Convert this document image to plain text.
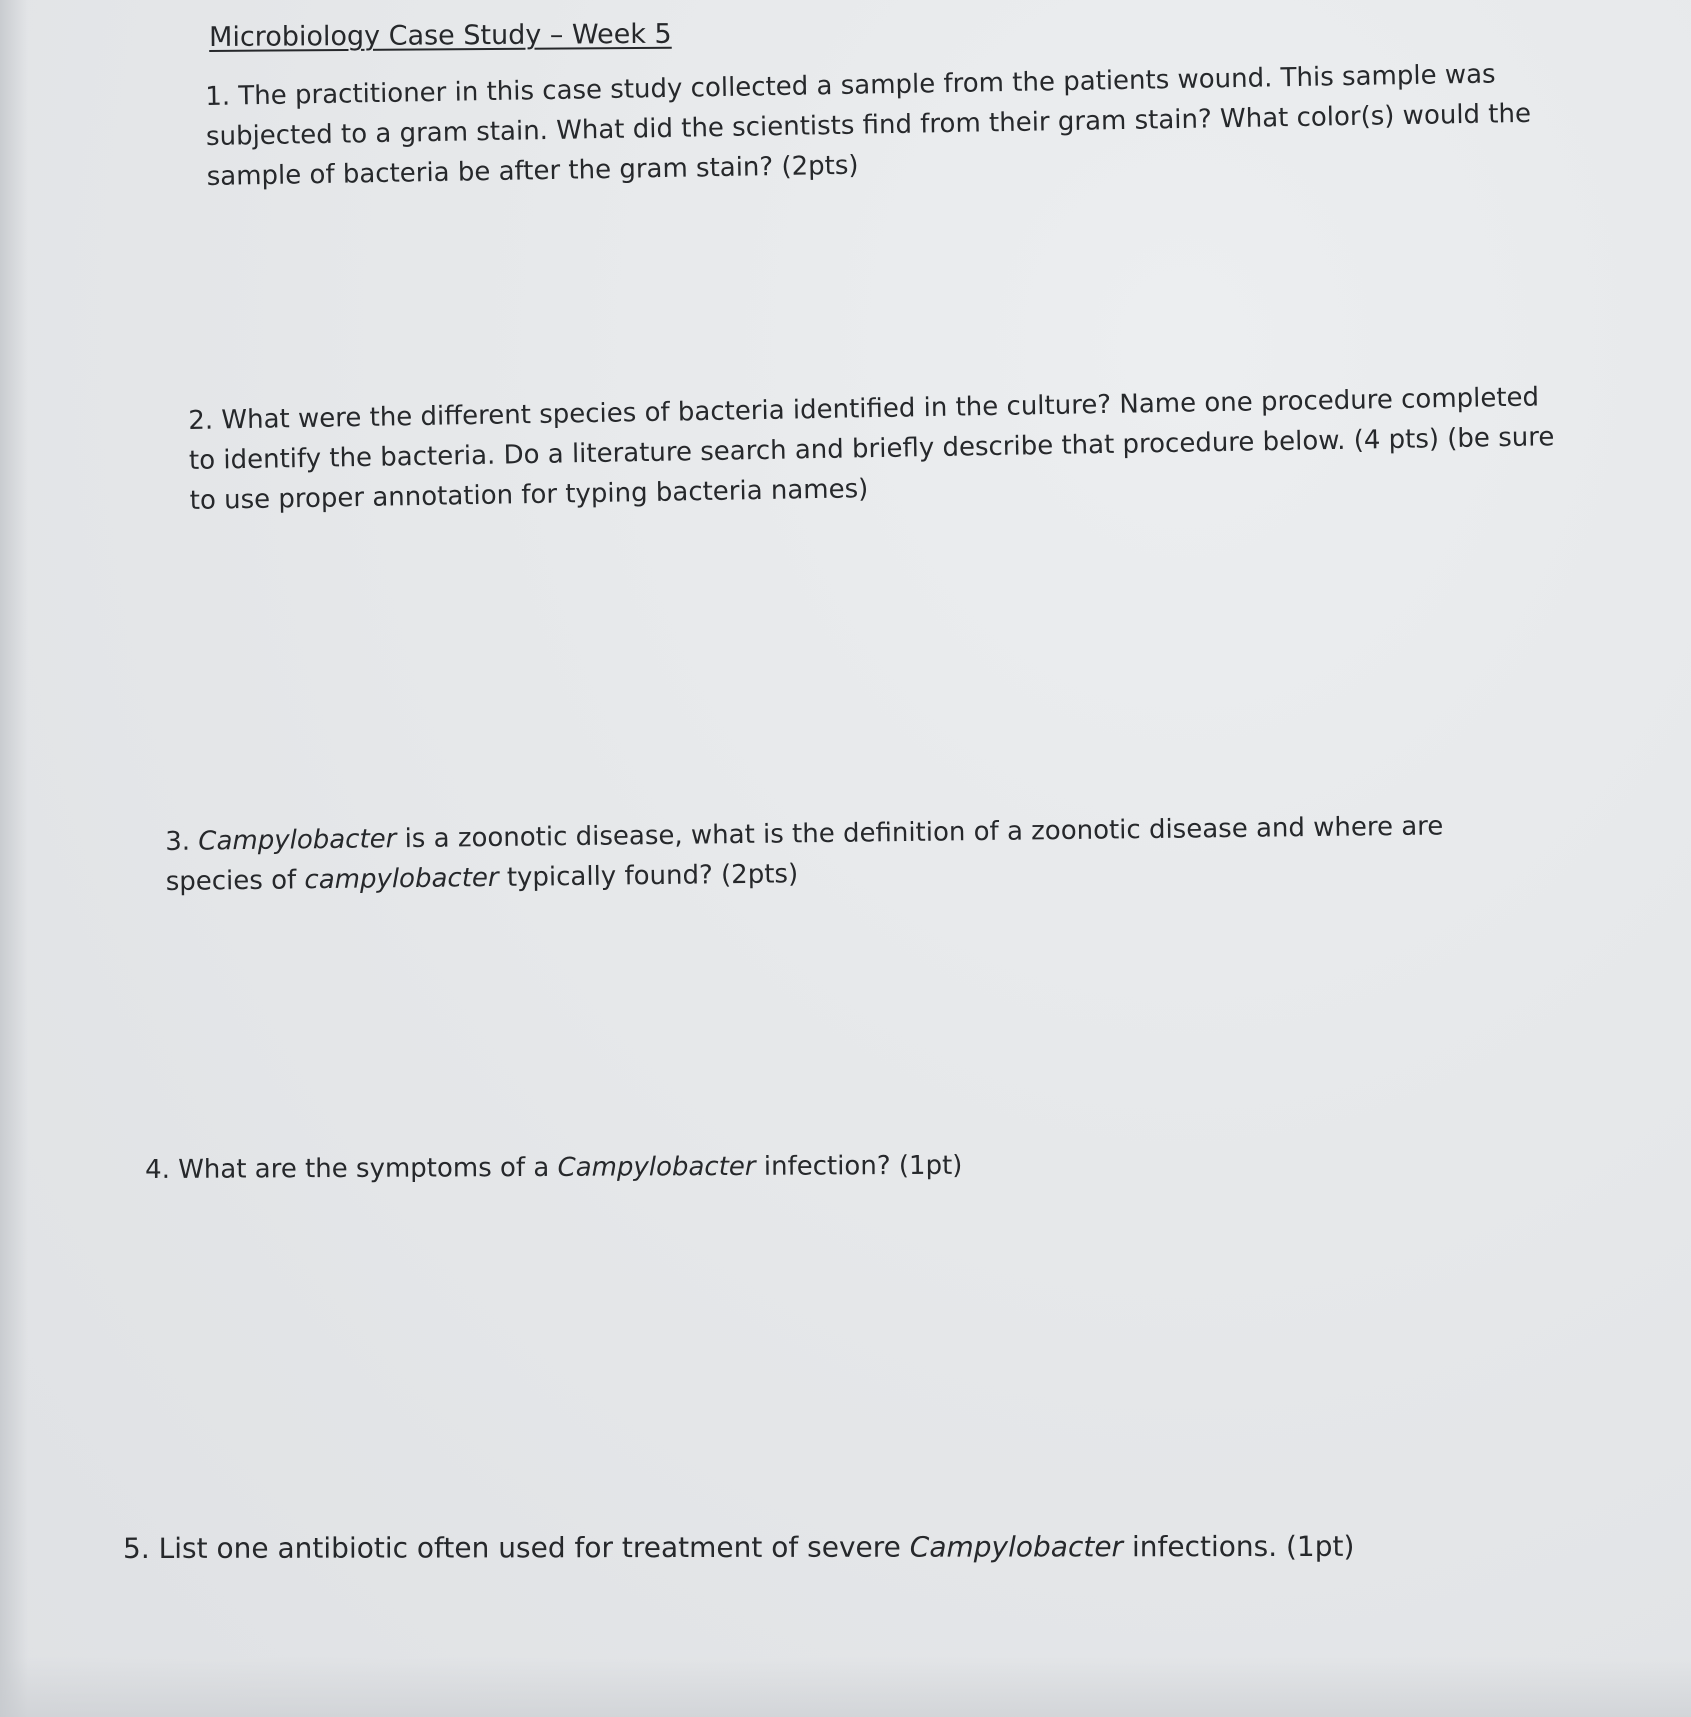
Microbiology Case Study – Week 5
1. The practitioner in this case study collected a sample from the patients wound. This sample was
subjected to a gram stain. What did the scientists find from their gram stain? What color(s) would the
sample of bacteria be after the gram stain? (2pts)
2. What were the different species of bacteria identified in the culture? Name one procedure completed
to identify the bacteria. Do a literature search and briefly describe that procedure below. (4 pts) (be sure
to use proper annotation for typing bacteria names)
3. Campylobacter is a zoonotic disease, what is the definition of a zoonotic disease and where are
species of campylobacter typically found? (2pts)
4. What are the symptoms of a Campylobacter infection? (1pt)
5. List one antibiotic often used for treatment of severe Campylobacter infections. (1pt)
